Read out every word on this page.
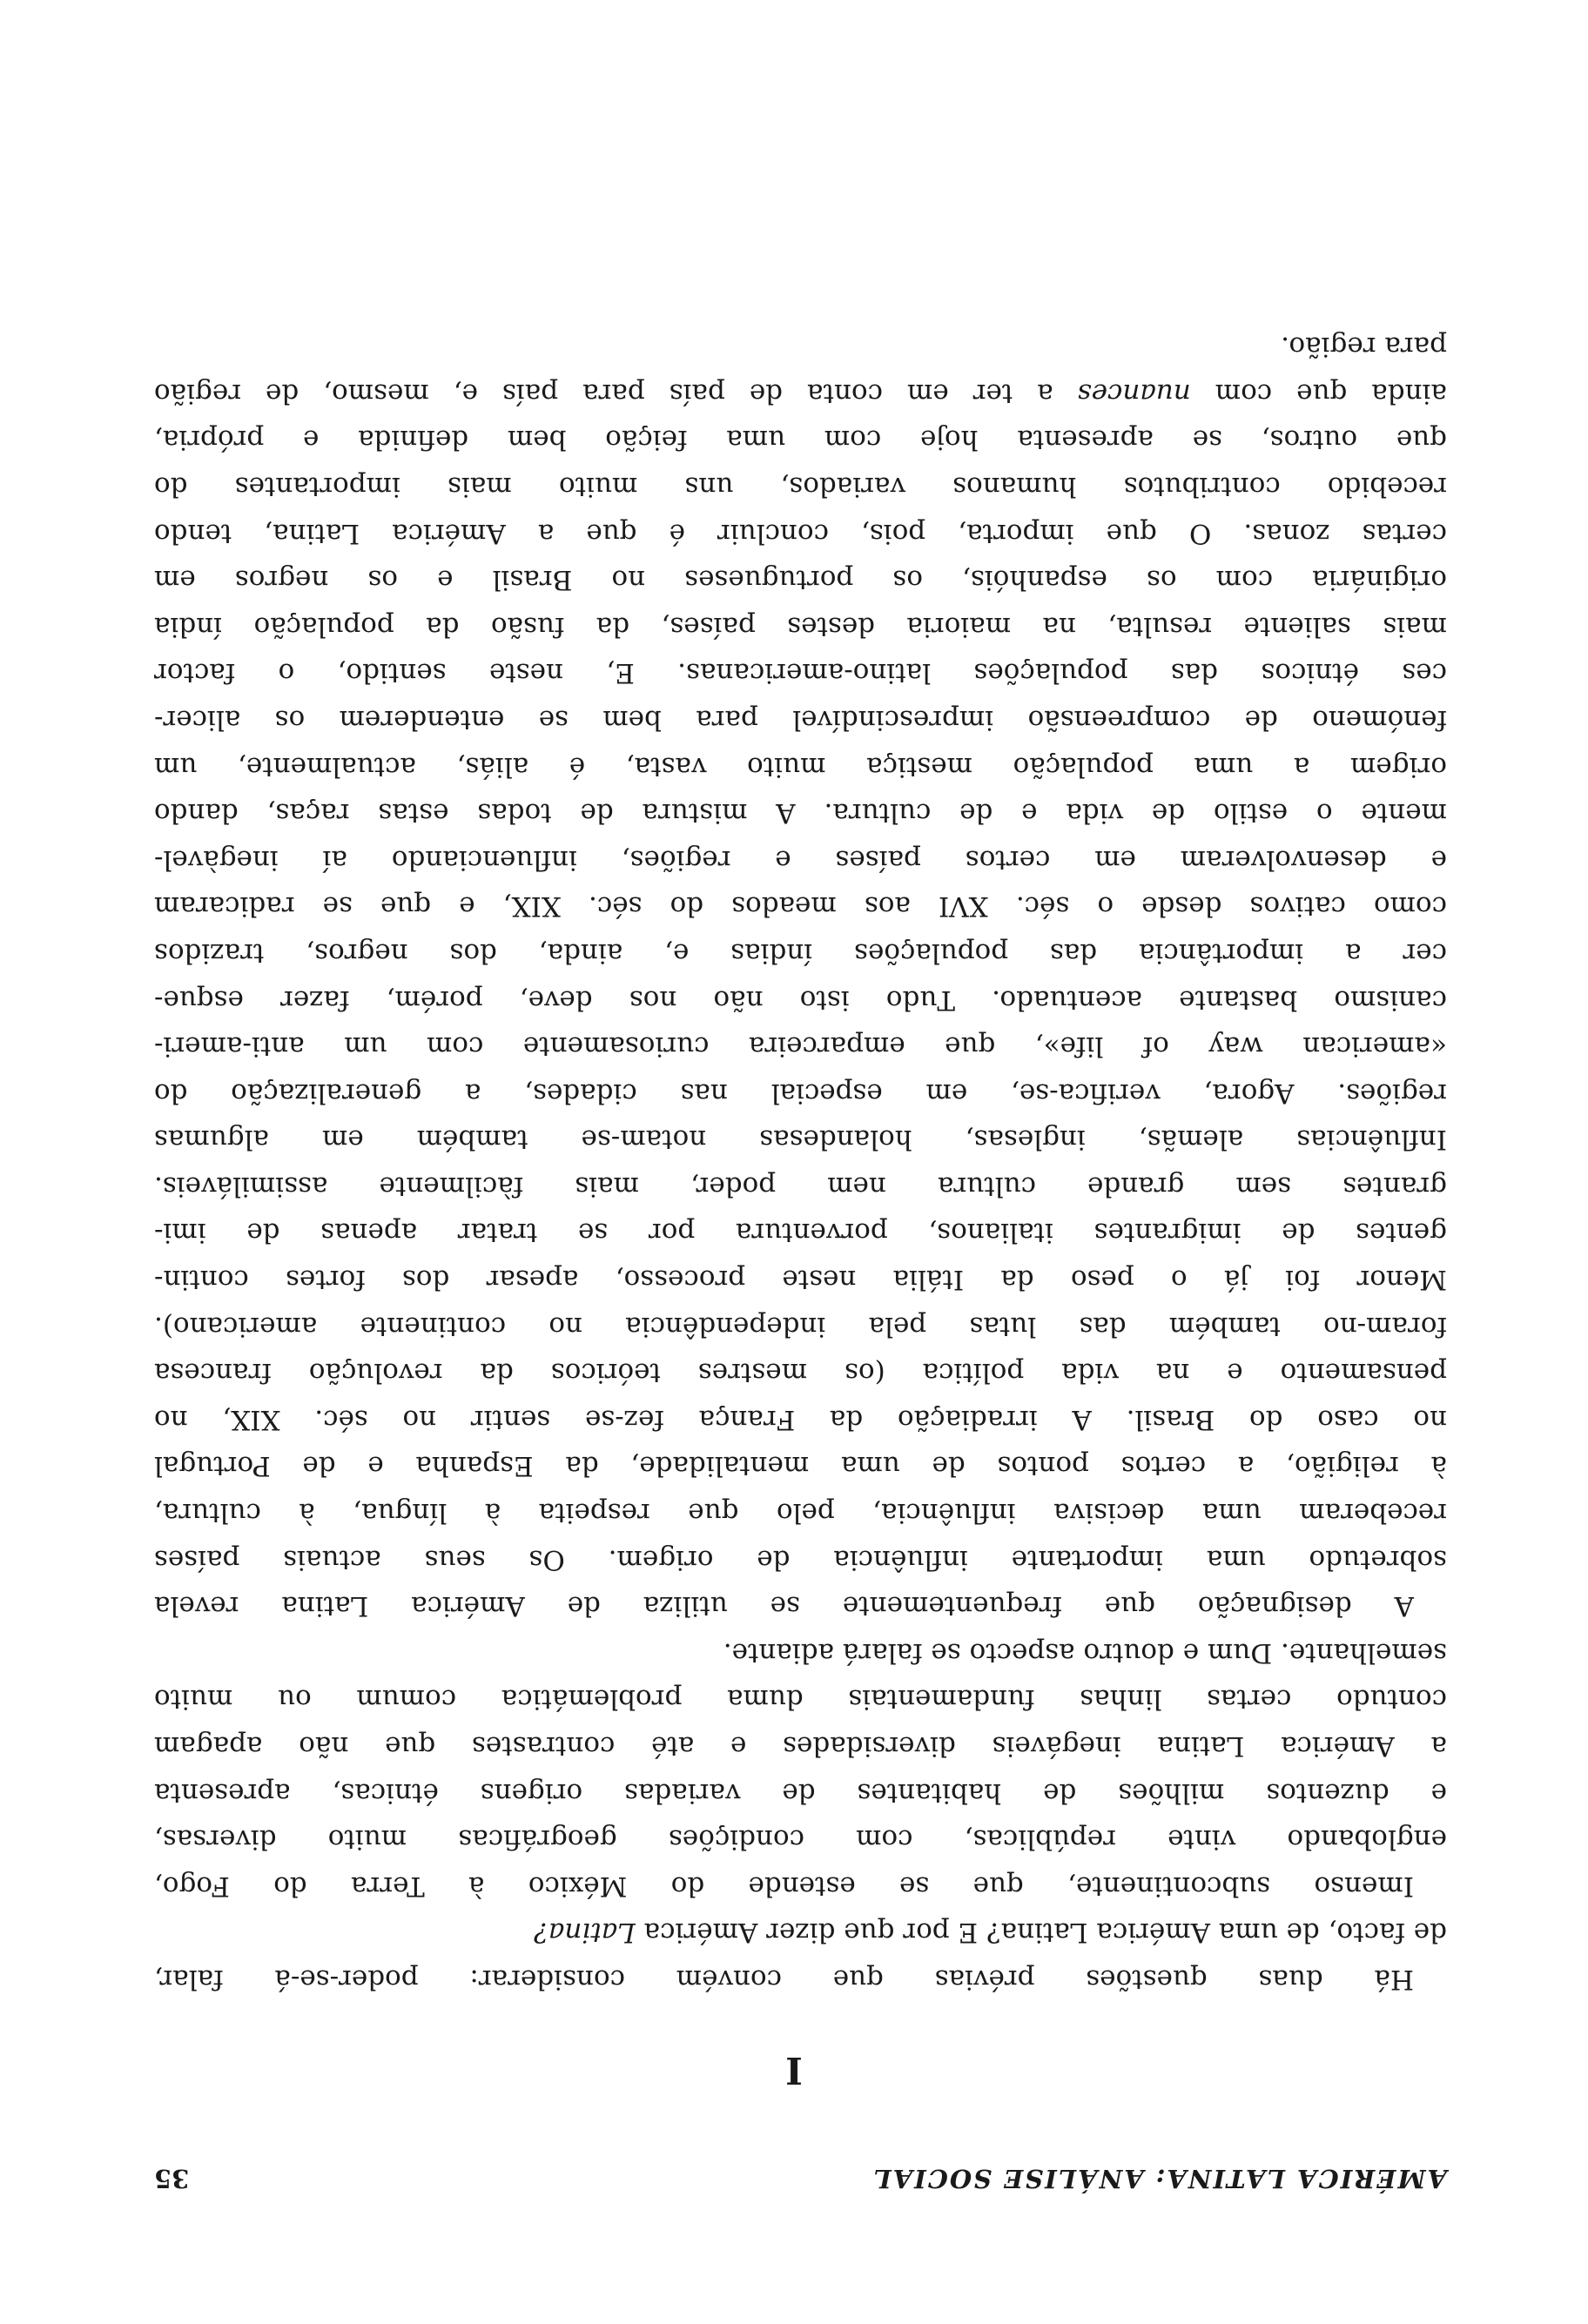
AMÉRICA LATINA: ANÁLISE SOCIAL
35
I
Há duas questões prévias que convém considerar: poder-se-á falar,
de facto, de uma América Latina? E por que dizer América Latina?
Imenso subcontinente, que se estende do México à Terra do Fogo,
englobando vinte repúblicas, com condições geográficas muito diversas,
e duzentos milhões de habitantes de variadas origens étnicas, apresenta
a América Latina inegáveis diversidades e até contrastes que não apagam
contudo certas linhas fundamentais duma problemática comum ou muito
semelhante. Dum e doutro aspecto se falará adiante.
A designação que frequentemente se utiliza de América Latina revela
sobretudo uma importante influência de origem. Os seus actuais países
receberam uma decisiva influência, pelo que respeita à língua, à cultura,
à religião, a certos pontos de uma mentalidade, da Espanha e de Portugal
no caso do Brasil. A irradiação da França fez-se sentir no séc. XIX, no
pensamento e na vida política (os mestres teóricos da revolução francesa
foram-no também das lutas pela independência no continente americano).
Menor foi já o peso da Itália neste processo, apesar dos fortes contin-
gentes de imigrantes italianos, porventura por se tratar apenas de imi-
grantes sem grande cultura nem poder, mais fàcilmente assimiláveis.
Influências alemãs, inglesas, holandesas notam-se também em algumas
regiões. Agora, verifica-se, em especial nas cidades, a generalização do
«american way of life», que emparceira curiosamente com um anti-ameri-
canismo bastante acentuado. Tudo isto não nos deve, porém, fazer esque-
cer a importância das populações índias e, ainda, dos negros, trazidos
como cativos desde o séc. XVI aos meados do séc. XIX, e que se radicaram
e desenvolveram em certos países e regiões, influenciando aí inegàvel-
mente o estilo de vida e de cultura. A mistura de todas estas raças, dando
origem a uma população mestiça muito vasta, é aliás, actualmente, um
fenómeno de compreensão imprescindível para bem se entenderem os alicer-
ces étnicos das populações latino-americanas. E, neste sentido, o factor
mais saliente resulta, na maioria destes países, da fusão da população índia
originária com os espanhóis, os portugueses no Brasil e os negros em
certas zonas. O que importa, pois, concluir é que a América Latina, tendo
recebido contributos humanos variados, uns muito mais importantes do
que outros, se apresenta hoje com uma feição bem definida e própria,
ainda que com nuances a ter em conta de país para país e, mesmo, de região
para região.
